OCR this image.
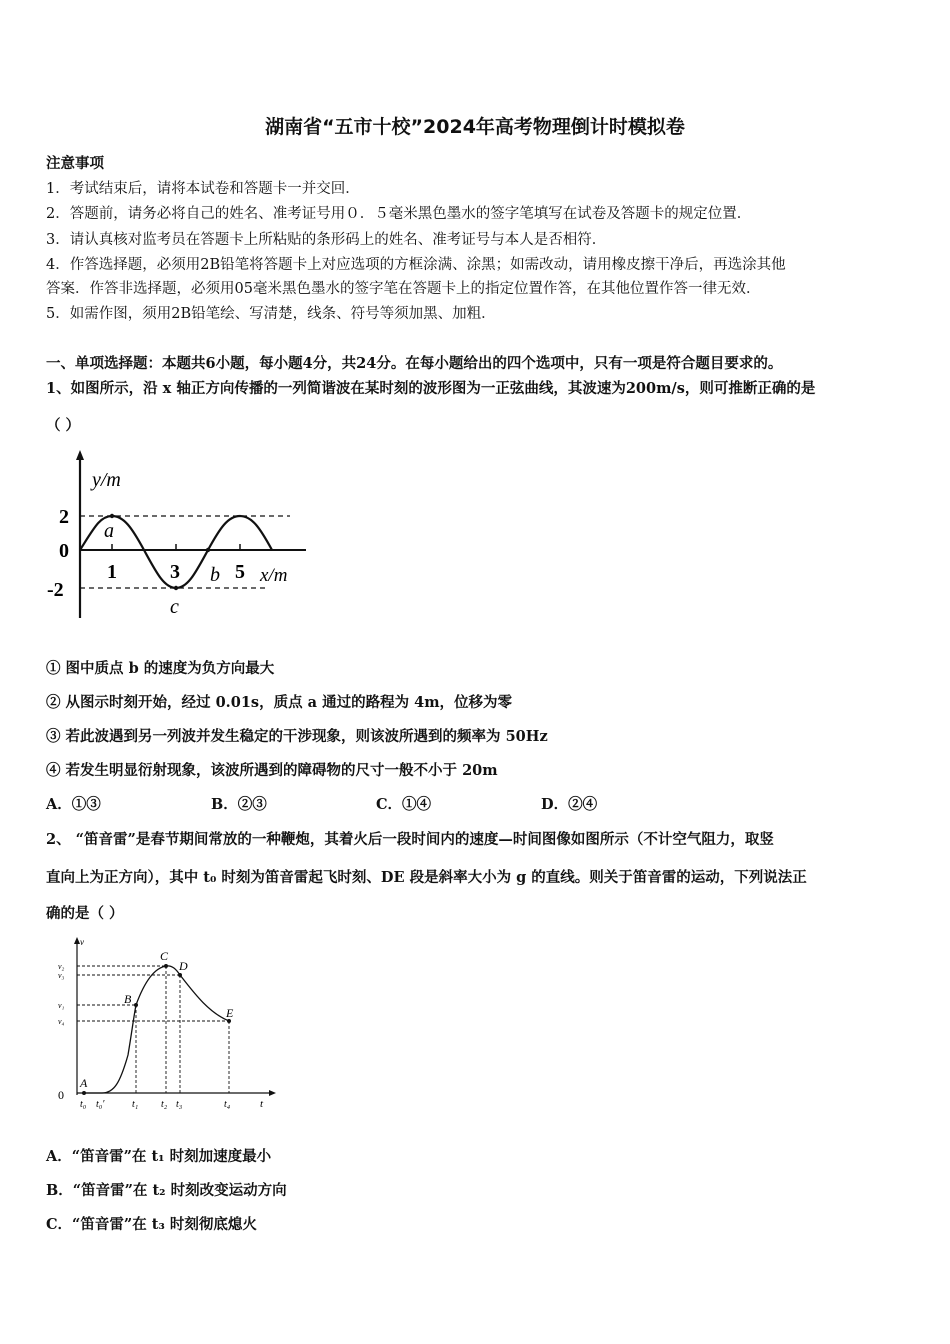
湖南省“五市十校”2024年高考物理倒计时模拟卷
注意事项
1．考试结束后，请将本试卷和答题卡一并交回．
2．答题前，请务必将自己的姓名、准考证号用０．５毫米黑色墨水的签字笔填写在试卷及答题卡的规定位置．
3．请认真核对监考员在答题卡上所粘贴的条形码上的姓名、准考证号与本人是否相符．
4．作答选择题，必须用2B铅笔将答题卡上对应选项的方框涂满、涂黑；如需改动，请用橡皮擦干净后，再选涂其他
答案．作答非选择题，必须用05毫米黑色墨水的签字笔在答题卡上的指定位置作答，在其他位置作答一律无效．
5．如需作图，须用2B铅笔绘、写清楚，线条、符号等须加黑、加粗．
一、单项选择题：本题共6小题，每小题4分，共24分。在每小题给出的四个选项中，只有一项是符合题目要求的。
1、如图所示，沿 x 轴正方向传播的一列简谐波在某时刻的波形图为一正弦曲线，其波速为200m/s，则可推断正确的是
（ ）
y/m
x/m
2
0
-2
1	3	5
a
b
c
① 图中质点 b 的速度为负方向最大
② 从图示时刻开始，经过 0.01s，质点 a 通过的路程为 4m，位移为零
③ 若此波遇到另一列波并发生稳定的干涉现象，则该波所遇到的频率为 50Hz
④ 若发生明显衍射现象，该波所遇到的障碍物的尺寸一般不小于 20m
A．①③	B．②③	C．①④	D．②④
2、 “笛音雷”是春节期间常放的一种鞭炮，其着火后一段时间内的速度—时间图像如图所示（不计空气阻力，取竖
直向上为正方向），其中 t₀ 时刻为笛音雷起飞时刻、DE 段是斜率大小为 g 的直线。则关于笛音雷的运动，下列说法正
确的是（ ）
v
t
0
A
B
C
D
E
v₂
v₃
v₁
v₄
t₀ t₀′	t₁ t₂ t₃	t₄
A．“笛音雷”在 t₁ 时刻加速度最小
B．“笛音雷”在 t₂ 时刻改变运动方向
C．“笛音雷”在 t₃ 时刻彻底熄火
